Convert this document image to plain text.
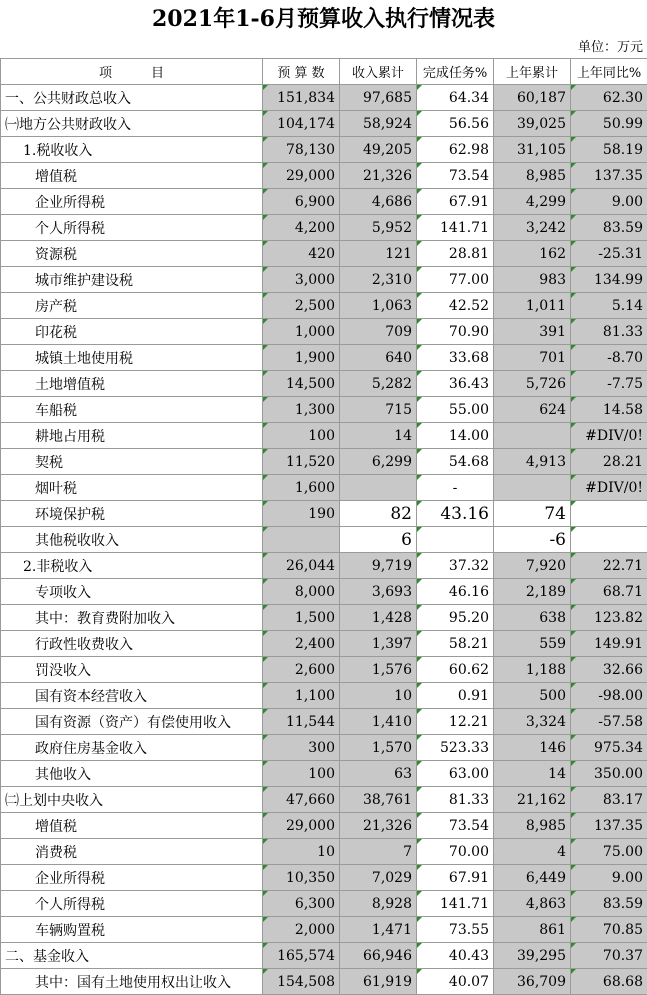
2021年1-6月预算收入执行情况表
单位：万元
项　　　目	预 算 数	收入累计	完成任务%	上年累计	上年同比%
一、公共财政总收入	151,834	97,685	64.34	60,187	62.30
㈠地方公共财政收入	104,174	58,924	56.56	39,025	50.99
1.税收收入	78,130	49,205	62.98	31,105	58.19
增值税	29,000	21,326	73.54	8,985	137.35
企业所得税	6,900	4,686	67.91	4,299	9.00
个人所得税	4,200	5,952	141.71	3,242	83.59
资源税	420	121	28.81	162	-25.31
城市维护建设税	3,000	2,310	77.00	983	134.99
房产税	2,500	1,063	42.52	1,011	5.14
印花税	1,000	709	70.90	391	81.33
城镇土地使用税	1,900	640	33.68	701	-8.70
土地增值税	14,500	5,282	36.43	5,726	-7.75
车船税	1,300	715	55.00	624	14.58
耕地占用税	100	14	14.00		#DIV/0!
契税	11,520	6,299	54.68	4,913	28.21
烟叶税	1,600		-		#DIV/0!
环境保护税	190	82	43.16	74	
其他税收收入		6		-6	
2.非税收入	26,044	9,719	37.32	7,920	22.71
专项收入	8,000	3,693	46.16	2,189	68.71
其中：教育费附加收入	1,500	1,428	95.20	638	123.82
行政性收费收入	2,400	1,397	58.21	559	149.91
罚没收入	2,600	1,576	60.62	1,188	32.66
国有资本经营收入	1,100	10	0.91	500	-98.00
国有资源（资产）有偿使用收入	11,544	1,410	12.21	3,324	-57.58
政府住房基金收入	300	1,570	523.33	146	975.34
其他收入	100	63	63.00	14	350.00
㈡上划中央收入	47,660	38,761	81.33	21,162	83.17
增值税	29,000	21,326	73.54	8,985	137.35
消费税	10	7	70.00	4	75.00
企业所得税	10,350	7,029	67.91	6,449	9.00
个人所得税	6,300	8,928	141.71	4,863	83.59
车辆购置税	2,000	1,471	73.55	861	70.85
二、基金收入	165,574	66,946	40.43	39,295	70.37
其中：国有土地使用权出让收入	154,508	61,919	40.07	36,709	68.68
